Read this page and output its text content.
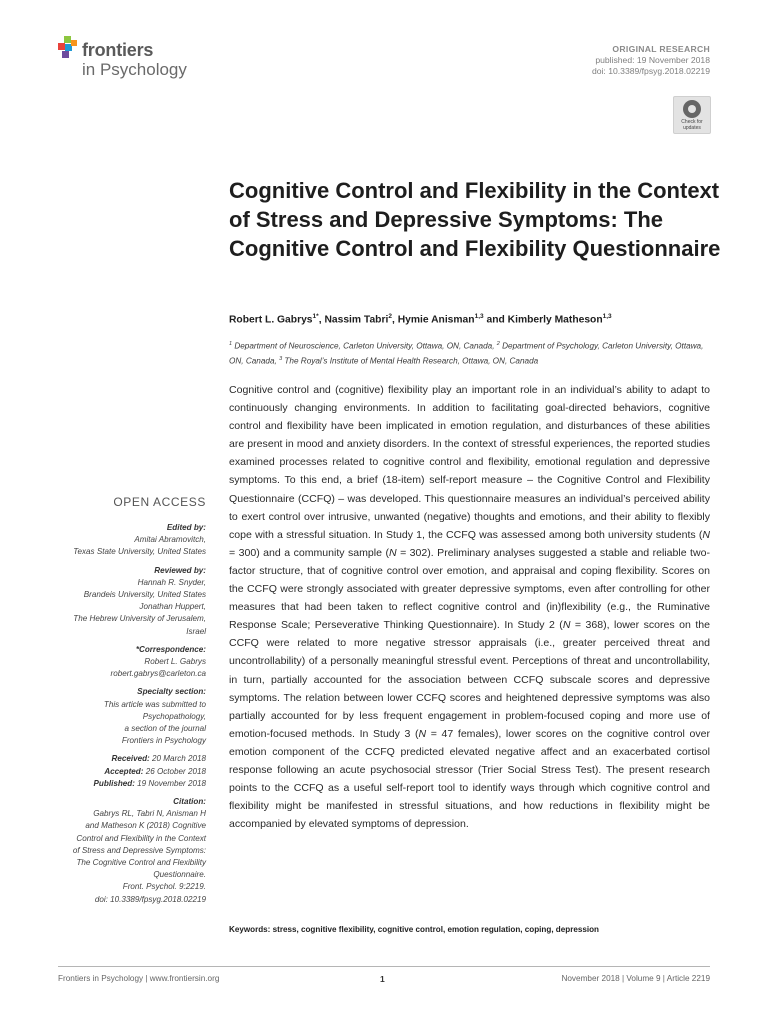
frontiers
in Psychology
ORIGINAL RESEARCH
published: 19 November 2018
doi: 10.3389/fpsyg.2018.02219
Check for
updates
Cognitive Control and Flexibility in the Context of Stress and Depressive Symptoms: The Cognitive Control and Flexibility Questionnaire
Robert L. Gabrys$^{1*}$, Nassim Tabri$^2$, Hymie Anisman$^{1,3}$ and Kimberly Matheson$^{1,3}$
$^1$ Department of Neuroscience, Carleton University, Ottawa, ON, Canada, $^2$ Department of Psychology, Carleton University, Ottawa, ON, Canada, $^3$ The Royal’s Institute of Mental Health Research, Ottawa, ON, Canada

Cognitive control and (cognitive) flexibility play an important role in an individual’s ability to adapt to continuously changing environments. In addition to facilitating goal-directed behaviors, cognitive control and flexibility have been implicated in emotion regulation, and disturbances of these abilities are present in mood and anxiety disorders. In the context of stressful experiences, the reported studies examined processes related to cognitive control and flexibility, emotional regulation and depressive symptoms. To this end, a brief (18-item) self-report measure – the Cognitive Control and Flexibility Questionnaire (CCFQ) – was developed. This questionnaire measures an individual’s perceived ability to exert control over intrusive, unwanted (negative) thoughts and emotions, and their ability to flexibly cope with a stressful situation. In Study 1, the CCFQ was assessed among both university students (N = 300) and a community sample (N = 302). Preliminary analyses suggested a stable and reliable two-factor structure, that of cognitive control over emotion, and appraisal and coping flexibility. Scores on the CCFQ were strongly associated with greater depressive symptoms, even after controlling for other measures that had been taken to reflect cognitive control and (in)flexibility (e.g., the Ruminative Response Scale; Perseverative Thinking Questionnaire). In Study 2 (N = 368), lower scores on the CCFQ were related to more negative stressor appraisals (i.e., greater perceived threat and uncontrollability) of a personally meaningful stressful event. Perceptions of threat and uncontrollability, in turn, partially accounted for the association between CCFQ subscale scores and depressive symptoms. The relation between lower CCFQ scores and heightened depressive symptoms was also partially accounted for by less frequent engagement in problem-focused coping and more use of emotion-focused methods. In Study 3 (N = 47 females), lower scores on the cognitive control over emotion component of the CCFQ predicted elevated negative affect and an exacerbated cortisol response following an acute psychosocial stressor (Trier Social Stress Test). The present research points to the CCFQ as a useful self-report tool to identify ways through which cognitive control and flexibility might be manifested in stressful situations, and how reductions in flexibility might be accompanied by elevated symptoms of depression.

Keywords: stress, cognitive flexibility, cognitive control, emotion regulation, coping, depression
OPEN ACCESS
Edited by:
Amitai Abramovitch,
Texas State University, United States
Reviewed by:
Hannah R. Snyder,
Brandeis University, United States
Jonathan Huppert,
The Hebrew University of Jerusalem,
Israel
*Correspondence:
Robert L. Gabrys
robert.gabrys@carleton.ca
Specialty section:
This article was submitted to
Psychopathology,
a section of the journal
Frontiers in Psychology
Received: 20 March 2018
Accepted: 26 October 2018
Published: 19 November 2018
Citation:
Gabrys RL, Tabri N, Anisman H
and Matheson K (2018) Cognitive
Control and Flexibility in the Context
of Stress and Depressive Symptoms:
The Cognitive Control and Flexibility
Questionnaire.
Front. Psychol. 9:2219.
doi: 10.3389/fpsyg.2018.02219
Frontiers in Psychology | www.frontiersin.org	1	November 2018 | Volume 9 | Article 2219
